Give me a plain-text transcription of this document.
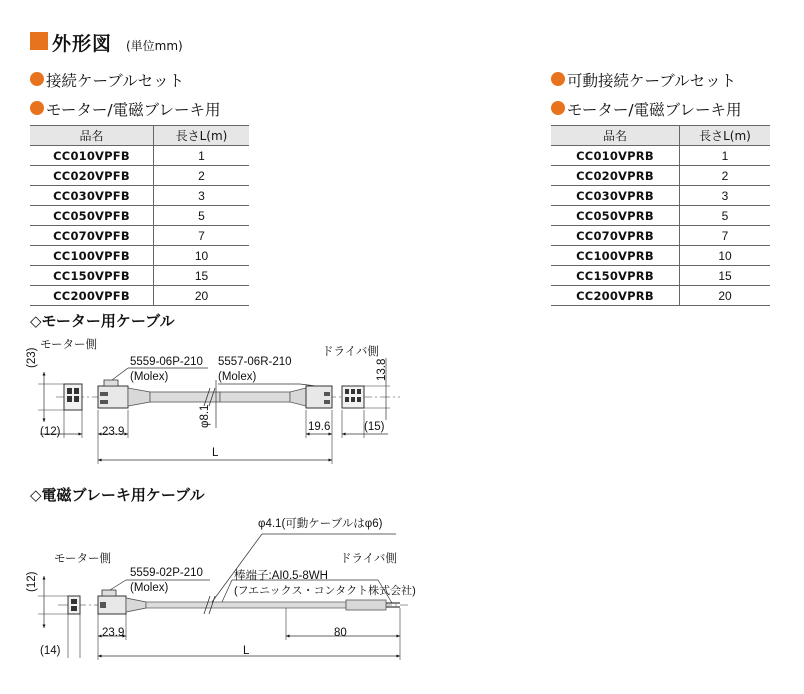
外形図 (単位mm)
接続ケーブルセット
モーター/電磁ブレーキ用
品名	長さL(m)
CC010VPFB	1
CC020VPFB	2
CC030VPFB	3
CC050VPFB	5
CC070VPFB	7
CC100VPFB	10
CC150VPFB	15
CC200VPFB	20
可動接続ケーブルセット
モーター/電磁ブレーキ用
品名	長さL(m)
CC010VPRB	1
CC020VPRB	2
CC030VPRB	3
CC050VPRB	5
CC070VPRB	7
CC100VPRB	10
CC150VPRB	15
CC200VPRB	20
◇モーター用ケーブル
モーター側
ドライバ側
5559-06P-210
(Molex)
5557-06R-210
(Molex)
(23)
13.8
φ8.1
(12)	23.9	19.6	(15)
L
◇電磁ブレーキ用ケーブル
φ4.1(可動ケーブルはφ6)
モーター側	ドライバ側
5559-02P-210
(Molex)
棒端子:AI0.5-8WH
(フエニックス・コンタクト株式会社)
(12)
23.9	80
(14)	L
